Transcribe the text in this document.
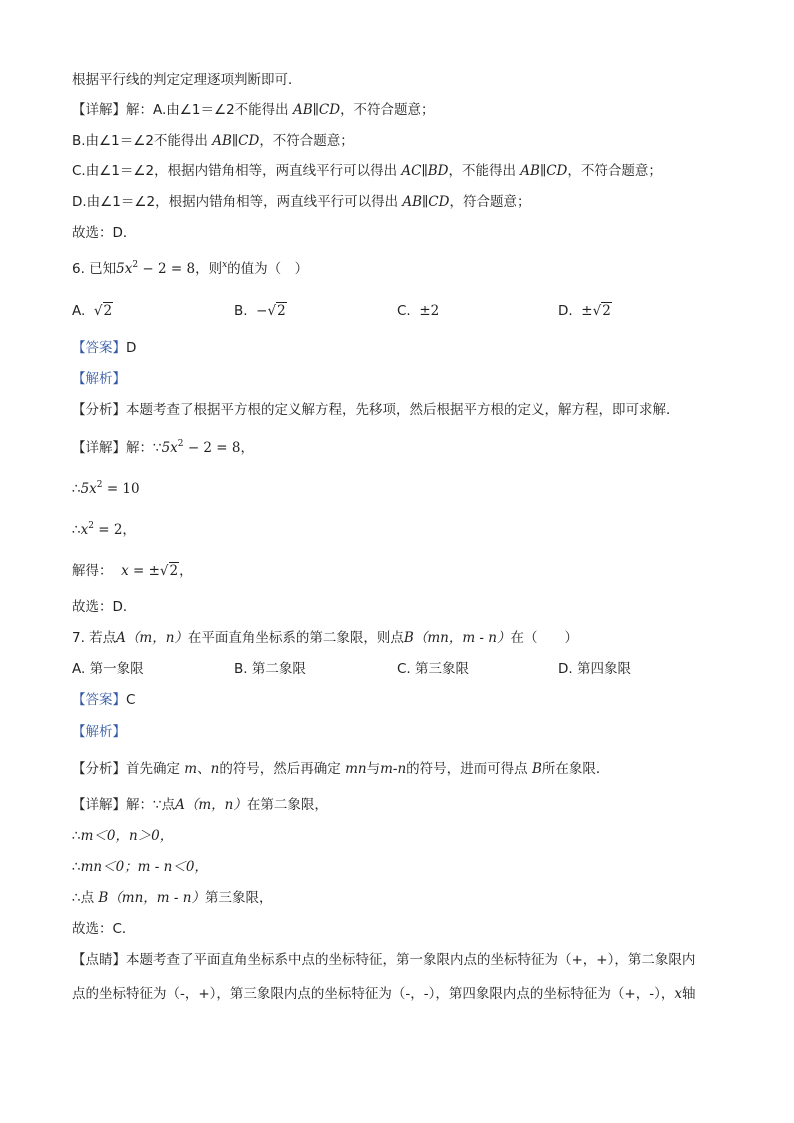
根据平行线的判定定理逐项判断即可．
【详解】解：A.由∠1＝∠2不能得出 AB∥CD，不符合题意；
B.由∠1＝∠2不能得出 AB∥CD，不符合题意；
C.由∠1＝∠2，根据内错角相等，两直线平行可以得出 AC∥BD，不能得出 AB∥CD，不符合题意；
D.由∠1＝∠2，根据内错角相等，两直线平行可以得出 AB∥CD，符合题意；
故选：D．
6. 已知$5x^2 - 2 = 8$，则$^x$的值为（　）
A. √2	B. −√2	C. ±2	D. ±√2
【答案】D
【解析】
【分析】本题考查了根据平方根的定义解方程，先移项，然后根据平方根的定义，解方程，即可求解．
【详解】解：$\because 5x^2 - 2 = 8$，
$\therefore 5x^2 = 10$
$\therefore x^2 = 2$，
解得： x = ±√2，
故选：D．
7. 若点A（m，n）在平面直角坐标系的第二象限，则点B（mn，m - n）在（　　）
A. 第一象限	B. 第二象限	C. 第三象限	D. 第四象限
【答案】C
【解析】
【分析】首先确定 m、n的符号，然后再确定 mn与m-n的符号，进而可得点 B所在象限．
【详解】解：∵点A（m，n）在第二象限，
∴m＜0，n＞0，
∴mn＜0；m - n＜0，
∴点 B（mn，m - n）第三象限，
故选：C．
【点睛】本题考查了平面直角坐标系中点的坐标特征，第一象限内点的坐标特征为（+，+），第二象限内
点的坐标特征为（-，+），第三象限内点的坐标特征为（-，-），第四象限内点的坐标特征为（+，-），x轴
